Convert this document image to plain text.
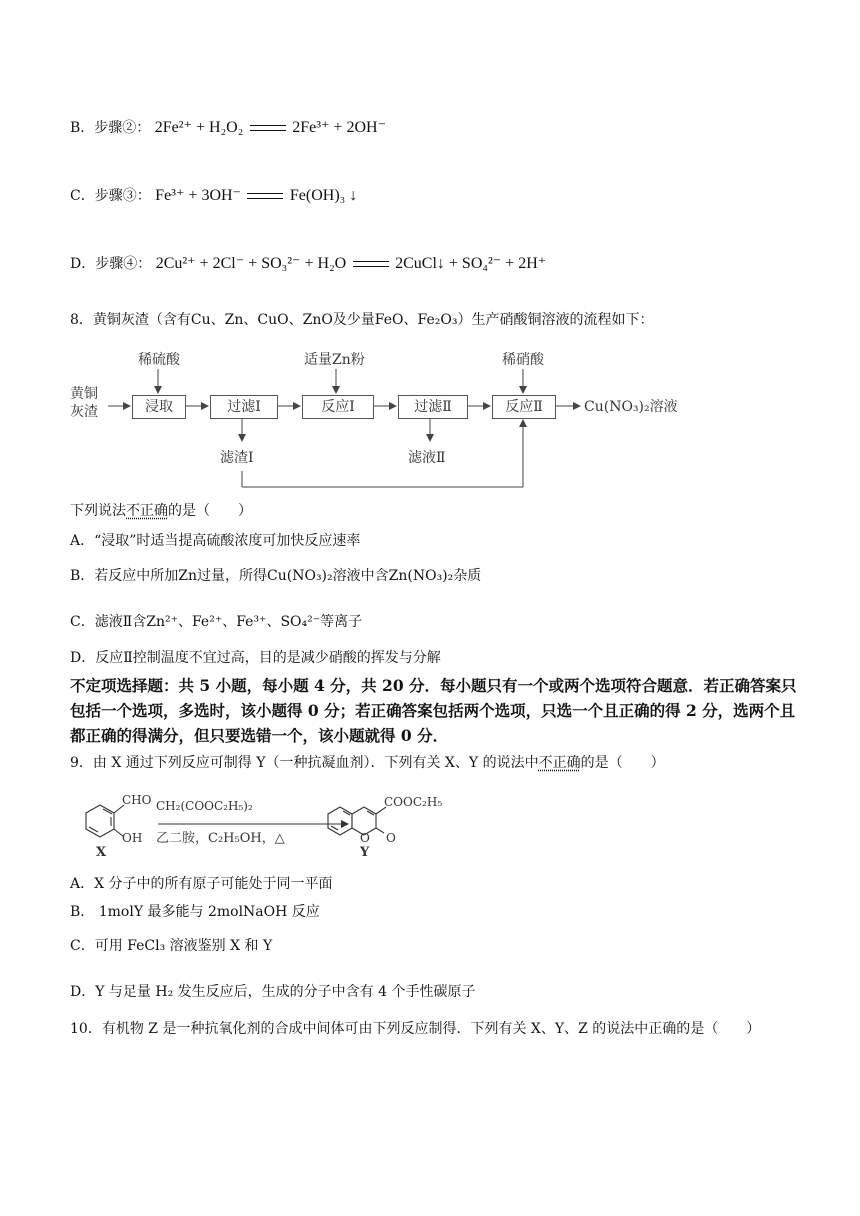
B．步骤②： 2Fe²⁺ + H₂O₂	2Fe³⁺ + 2OH⁻
C．步骤③： Fe³⁺ + 3OH⁻	Fe(OH)₃ ↓
D．步骤④： 2Cu²⁺ + 2Cl⁻ + SO₃²⁻ + H₂O	2CuCl↓ + SO₄²⁻ + 2H⁺
8．黄铜灰渣（含有Cu、Zn、CuO、ZnO及少量FeO、Fe₂O₃）生产硝酸铜溶液的流程如下：
黄铜
灰渣	浸取	过滤Ⅰ	反应Ⅰ	过滤Ⅱ	反应Ⅱ
稀硫酸	适量Zn粉	稀硝酸
滤渣Ⅰ	滤液Ⅱ
Cu(NO₃)₂溶液
下列说法不正确的是（　　）
A．“浸取”时适当提高硫酸浓度可加快反应速率
B．若反应中所加Zn过量，所得Cu(NO₃)₂溶液中含Zn(NO₃)₂杂质
C．滤液Ⅱ含Zn²⁺、Fe²⁺、Fe³⁺、SO₄²⁻等离子
D．反应Ⅱ控制温度不宜过高，目的是减少硝酸的挥发与分解
不定项选择题：共 5 小题，每小题 4 分，共 20 分．每小题只有一个或两个选项符合题意．若正确答案只包括一个选项，多选时，该小题得 0 分；若正确答案包括两个选项，只选一个且正确的得 2 分，选两个且都正确的得满分，但只要选错一个，该小题就得 0 分．
9．由 X 通过下列反应可制得 Y（一种抗凝血剂）．下列有关 X、Y 的说法中不正确的是（　　）
CHO
OH
X
CH₂(COOC₂H₅)₂
乙二胺，C₂H₅OH，△
COOC₂H₅
O O
Y
A．X 分子中的所有原子可能处于同一平面
B． 1molY 最多能与 2molNaOH 反应
C．可用 FeCl₃ 溶液鉴别 X 和 Y
D．Y 与足量 H₂ 发生反应后，生成的分子中含有 4 个手性碳原子
10．有机物 Z 是一种抗氧化剂的合成中间体可由下列反应制得．下列有关 X、Y、Z 的说法中正确的是（　　）
